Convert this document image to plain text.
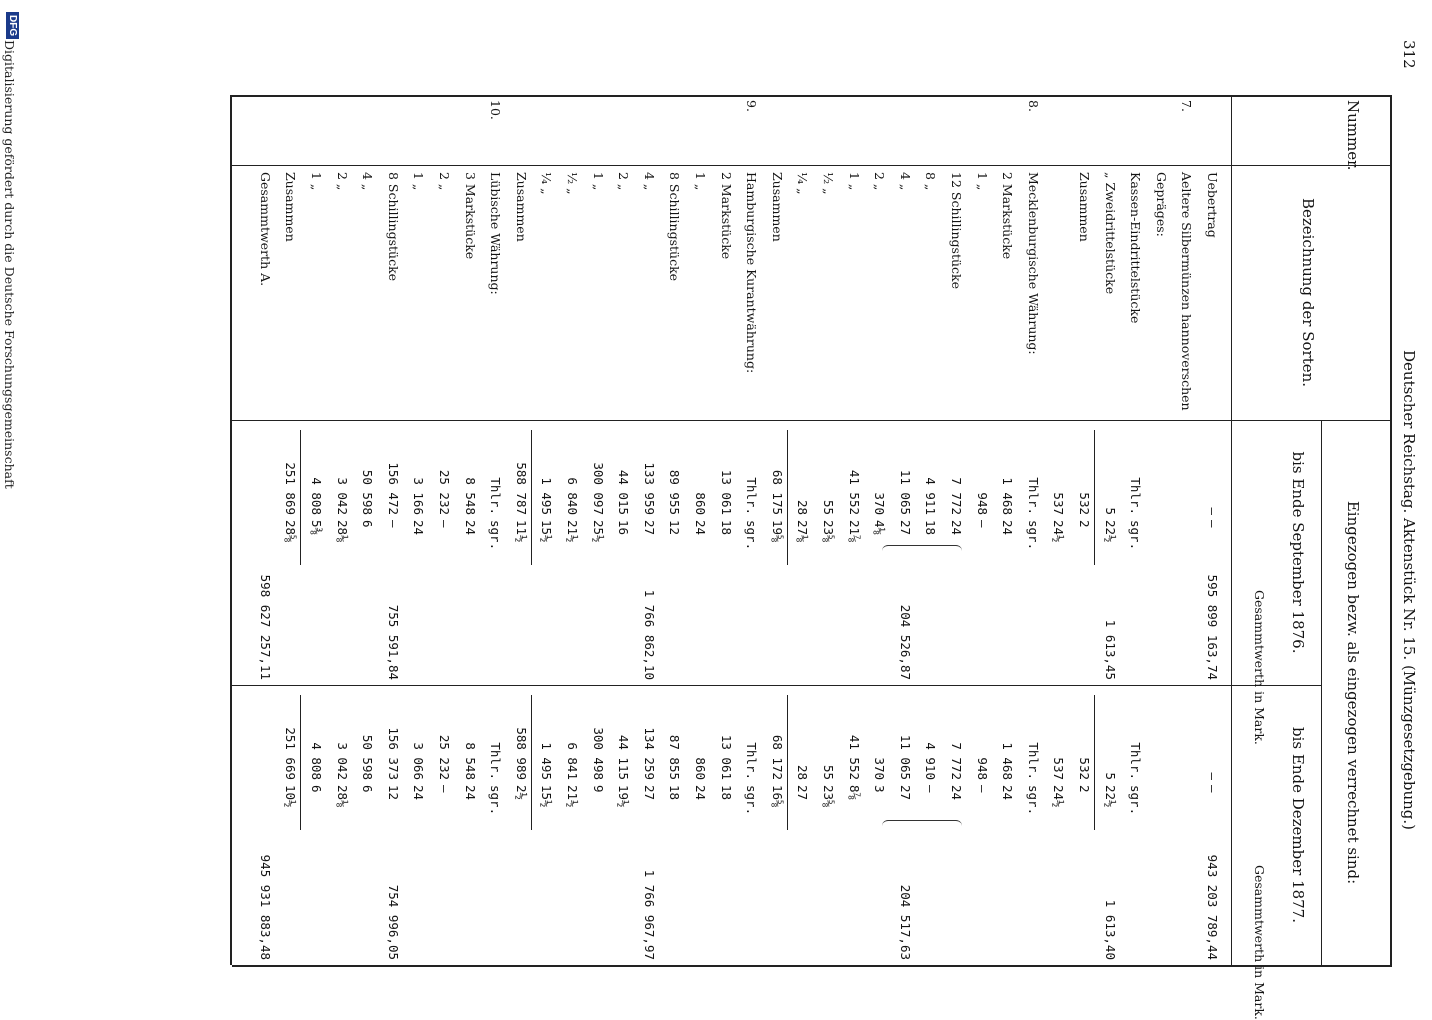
312
Deutscher Reichstag. Aktenstück Nr. 15. (Münzgesetzgebung.)
Nummer.
Bezeichnung der Sorten.
Eingezogen bezw. als eingezogen verrechnet sind:
bis Ende September 1876.
bis Ende Dezember 1877.
Gesammtwerth in Mark.
Gesammtwerth in Mark.
Uebertrag
—
—
595 899 163,74
—
—
943 203 789,44
7.
Aeltere Silbermünzen hannoverschen
Gepräges:
Kassen-Eindrittelstücke
Thlr.
sgr.
Thlr.
sgr.
„ Zweidrittelstücke
5
22½
1 613,45
5
22½
1 613,40
Zusammen
532
2
532
2
537
24½
537
24½
8.
Mecklenburgische Währung:
Thlr.
sgr.
Thlr.
sgr.
2 Markstücke
1 468
24
1 468
24
1 „
948
—
948
—
12 Schillingstücke
7 772
24
7 772
24
8 „
4 911
18
4 910
—
4 „
11 065
27
204 526,87
11 065
27
204 517,63
2 „
370
4⅛
370
3
1 „
41 552
21⅞
41 552
8⅞
½ „
55
23⅝
55
23⅝
¼ „
28
27⅛
28
27
Zusammen
68 175
19⅝
68 172
16⅝
9.
Hamburgische Kurantwährung:
Thlr.
sgr.
Thlr.
sgr.
2 Markstücke
13 061
18
13 061
18
1 „
860
24
860
24
8 Schillingstücke
89 955
12
87 855
18
4 „
133 959
27
1 766 862,10
134 259
27
1 766 967,97
2 „
44 015
16
44 115
19½
1 „
300 097
25½
300 498
9
½ „
6 840
21½
6 841
21½
¼ „
1 495
15½
1 495
15½
Zusammen
588 787
11½
588 989
2½
10.
Lübische Währung:
Thlr.
sgr.
Thlr.
sgr.
3 Markstücke
8 548
24
8 548
24
2 „
25 232
—
25 232
—
1 „
3 166
24
3 066
24
8 Schillingstücke
156 472
—
755 591,84
156 373
12
754 996,05
4 „
50 598
6
50 598
6
2 „
3 042
28⅛
3 042
28⅛
1 „
4 808
5⅜
4 808
6
Zusammen
251 869
28⅝
251 669
10½
Gesammtwerth A.
598 627 257,11
945 931 883,48
Digitalisierung gefördert durch die Deutsche Forschungsgemeinschaft
DFG
